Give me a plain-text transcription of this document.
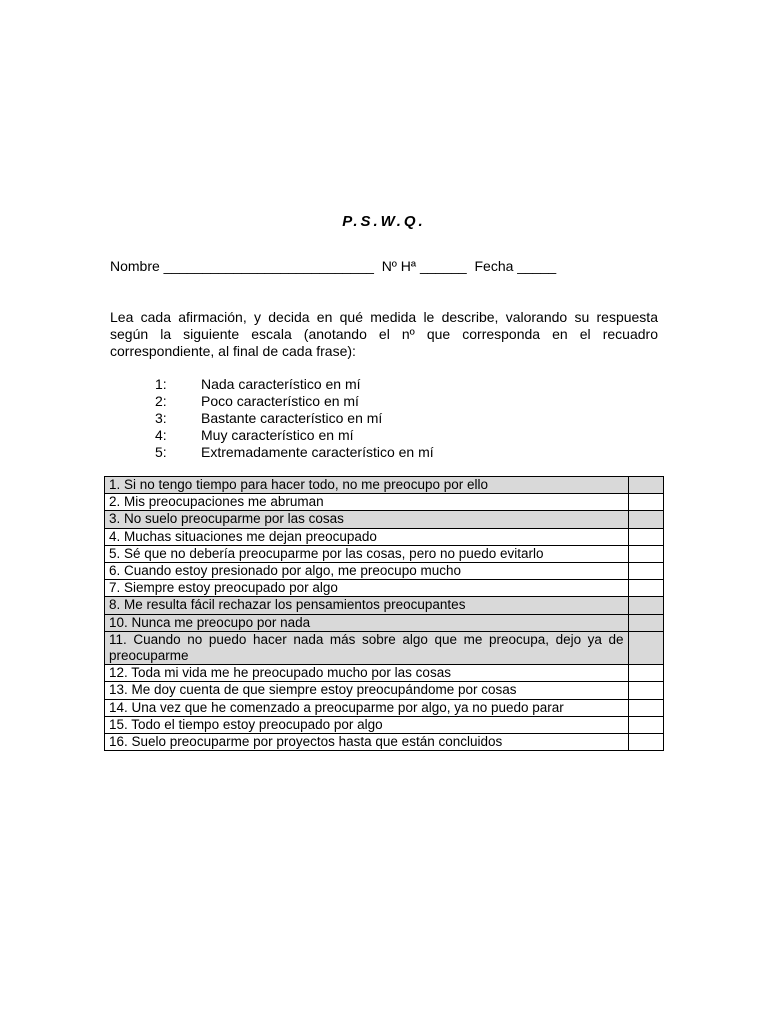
P.S.W.Q.
Nombre ___________________________  Nº Hª ______  Fecha _____
Lea cada afirmación, y decida en qué medida le describe, valorando su respuesta según la siguiente escala (anotando el nº que corresponda en el recuadro correspondiente, al final de cada frase):
1:	Nada característico en mí
2:	Poco característico en mí
3:	Bastante característico en mí
4:	Muy característico en mí
5:	Extremadamente característico en mí
1. Si no tengo tiempo para hacer todo, no me preocupo por ello	
2. Mis preocupaciones me abruman	
3. No suelo preocuparme por las cosas	
4. Muchas situaciones me dejan preocupado	
5. Sé que no debería preocuparme por las cosas, pero no puedo evitarlo	
6. Cuando estoy presionado por algo, me preocupo mucho	
7. Siempre estoy preocupado por algo	
8. Me resulta fácil rechazar los pensamientos preocupantes	
10. Nunca me preocupo por nada	
11. Cuando no puedo hacer nada más sobre algo que me preocupa, dejo ya de preocuparme	
12. Toda mi vida me he preocupado mucho por las cosas	
13. Me doy cuenta de que siempre estoy preocupándome por cosas	
14. Una vez que he comenzado a preocuparme por algo, ya no puedo parar	
15. Todo el tiempo estoy preocupado por algo	
16. Suelo preocuparme por proyectos hasta que están concluidos	
